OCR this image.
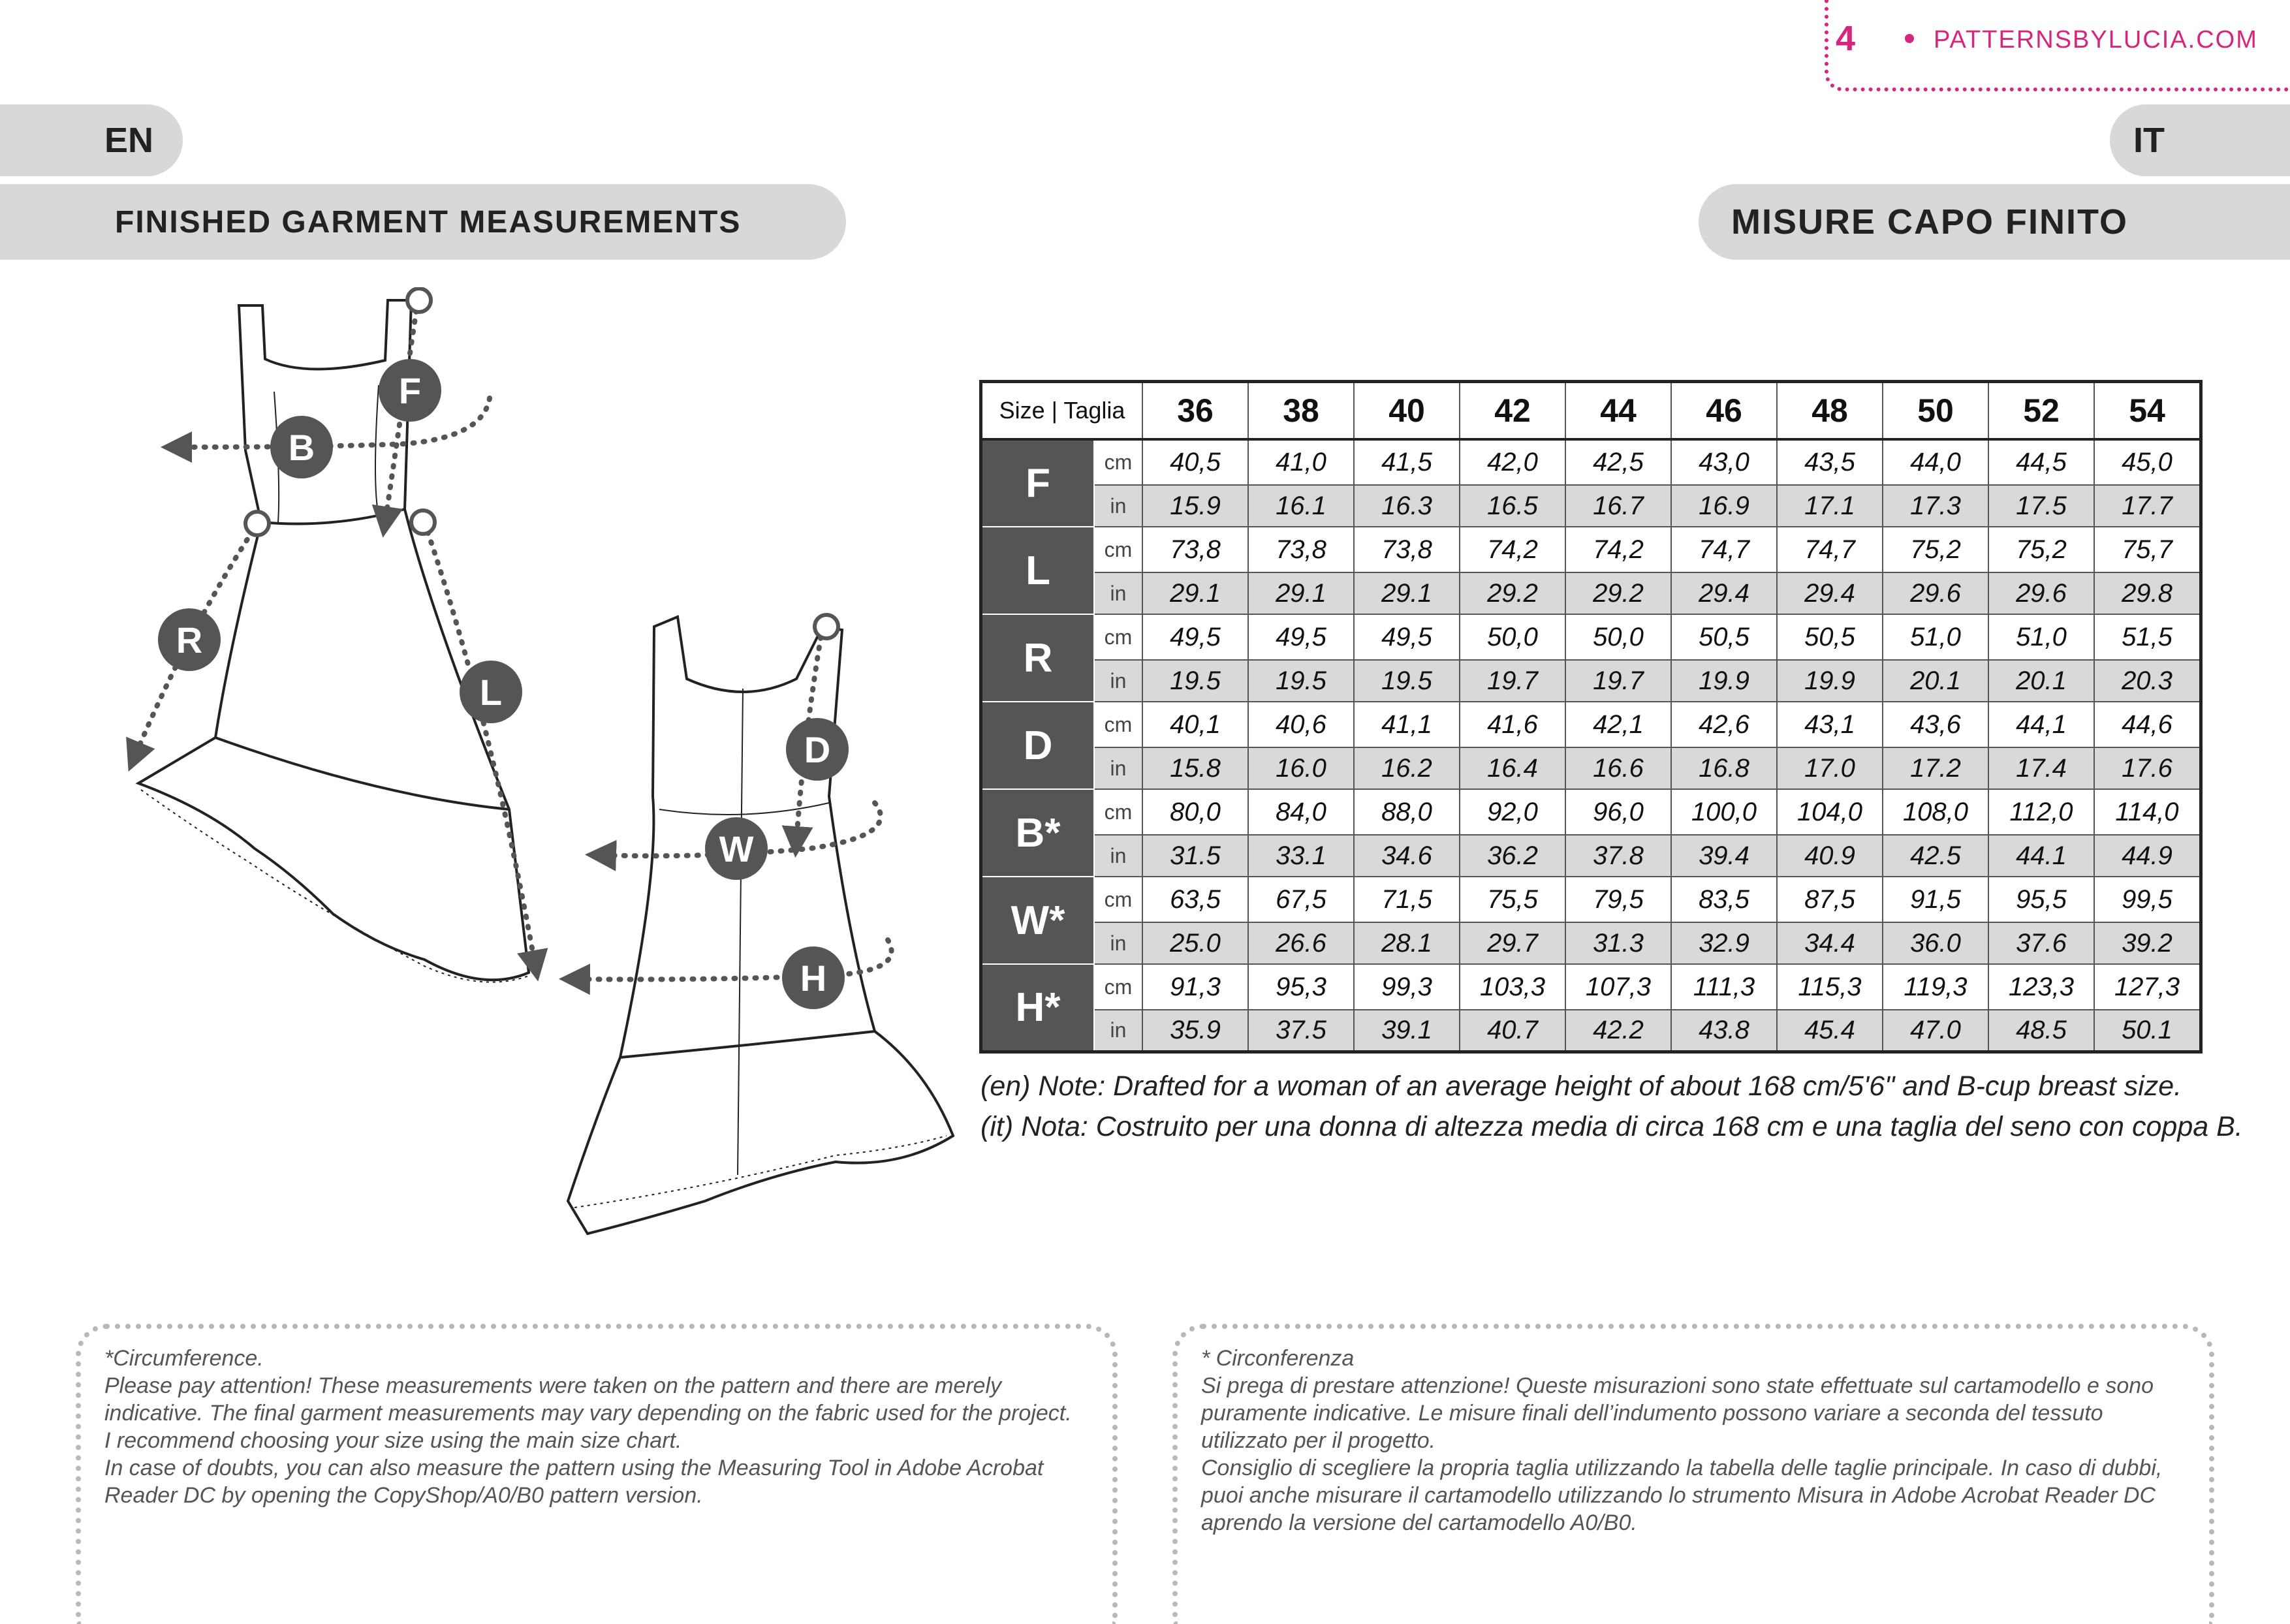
4	PATTERNSBYLUCIA.COM
EN	IT
FINISHED GARMENT MEASUREMENTS	MISURE CAPO FINITO
F
B
R
L
D
W
H
Size | Taglia		36	38	40	42	44	46	48	50	52	54
F	cm	40,5	41,0	41,5	42,0	42,5	43,0	43,5	44,0	44,5	45,0
	in	15.9	16.1	16.3	16.5	16.7	16.9	17.1	17.3	17.5	17.7
L	cm	73,8	73,8	73,8	74,2	74,2	74,7	74,7	75,2	75,2	75,7
	in	29.1	29.1	29.1	29.2	29.2	29.4	29.4	29.6	29.6	29.8
R	cm	49,5	49,5	49,5	50,0	50,0	50,5	50,5	51,0	51,0	51,5
	in	19.5	19.5	19.5	19.7	19.7	19.9	19.9	20.1	20.1	20.3
D	cm	40,1	40,6	41,1	41,6	42,1	42,6	43,1	43,6	44,1	44,6
	in	15.8	16.0	16.2	16.4	16.6	16.8	17.0	17.2	17.4	17.6
B*	cm	80,0	84,0	88,0	92,0	96,0	100,0	104,0	108,0	112,0	114,0
	in	31.5	33.1	34.6	36.2	37.8	39.4	40.9	42.5	44.1	44.9
W*	cm	63,5	67,5	71,5	75,5	79,5	83,5	87,5	91,5	95,5	99,5
	in	25.0	26.6	28.1	29.7	31.3	32.9	34.4	36.0	37.6	39.2
H*	cm	91,3	95,3	99,3	103,3	107,3	111,3	115,3	119,3	123,3	127,3
	in	35.9	37.5	39.1	40.7	42.2	43.8	45.4	47.0	48.5	50.1
(en) Note: Drafted for a woman of an average height of about 168 cm/5'6" and B-cup breast size.
(it) Nota: Costruito per una donna di altezza media di circa 168 cm e una taglia del seno con coppa B.

*Circumference.

Please pay attention! These measurements were taken on the pattern and there are merely indicative. The final garment measurements may vary depending on the fabric used for the project.

I recommend choosing your size using the main size chart.

In case of doubts, you can also measure the pattern using the Measuring Tool in Adobe Acrobat Reader DC by opening the CopyShop/A0/B0 pattern version.

* Circonferenza

Si prega di prestare attenzione! Queste misurazioni sono state effettuate sul cartamodello e sono puramente indicative. Le misure finali dell’indumento possono variare a seconda del tessuto utilizzato per il progetto.

Consiglio di scegliere la propria taglia utilizzando la tabella delle taglie principale. In caso di dubbi, puoi anche misurare il cartamodello utilizzando lo strumento Misura in Adobe Acrobat Reader DC aprendo la versione del cartamodello A0/B0.
